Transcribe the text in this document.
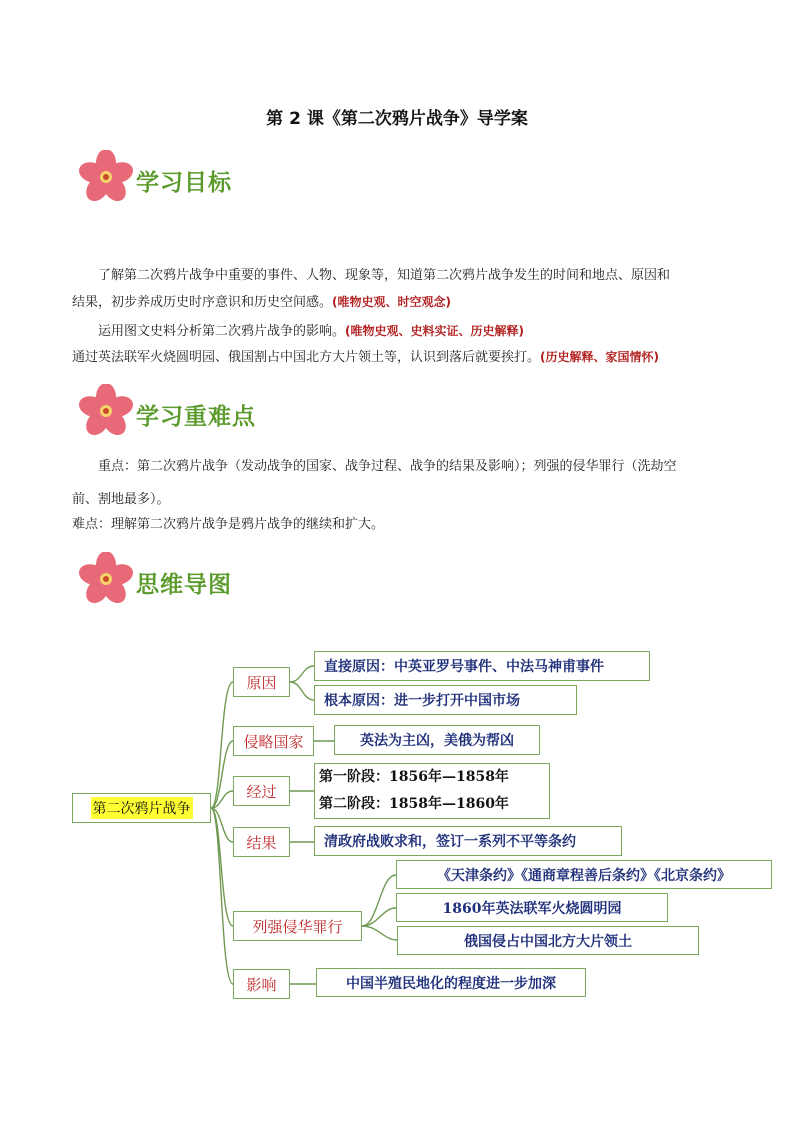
第 2 课《第二次鸦片战争》导学案
学习目标
了解第二次鸦片战争中重要的事件、人物、现象等，知道第二次鸦片战争发生的时间和地点、原因和
结果，初步养成历史时序意识和历史空间感。(唯物史观、时空观念)
运用图文史料分析第二次鸦片战争的影响。(唯物史观、史料实证、历史解释)
通过英法联军火烧圆明园、俄国割占中国北方大片领土等，认识到落后就要挨打。(历史解释、家国情怀)
学习重难点
重点：第二次鸦片战争（发动战争的国家、战争过程、战争的结果及影响）；列强的侵华罪行（洗劫空
前、割地最多）。
难点：理解第二次鸦片战争是鸦片战争的继续和扩大。
思维导图
第二次鸦片战争
原因
直接原因：中英亚罗号事件、中法马神甫事件
根本原因：进一步打开中国市场
侵略国家	英法为主凶，美俄为帮凶
经过
第一阶段：1856年—1858年
第二阶段：1858年—1860年
结果	清政府战败求和，签订一系列不平等条约
列强侵华罪行
《天津条约》《通商章程善后条约》《北京条约》
1860年英法联军火烧圆明园
俄国侵占中国北方大片领土
影响	中国半殖民地化的程度进一步加深
